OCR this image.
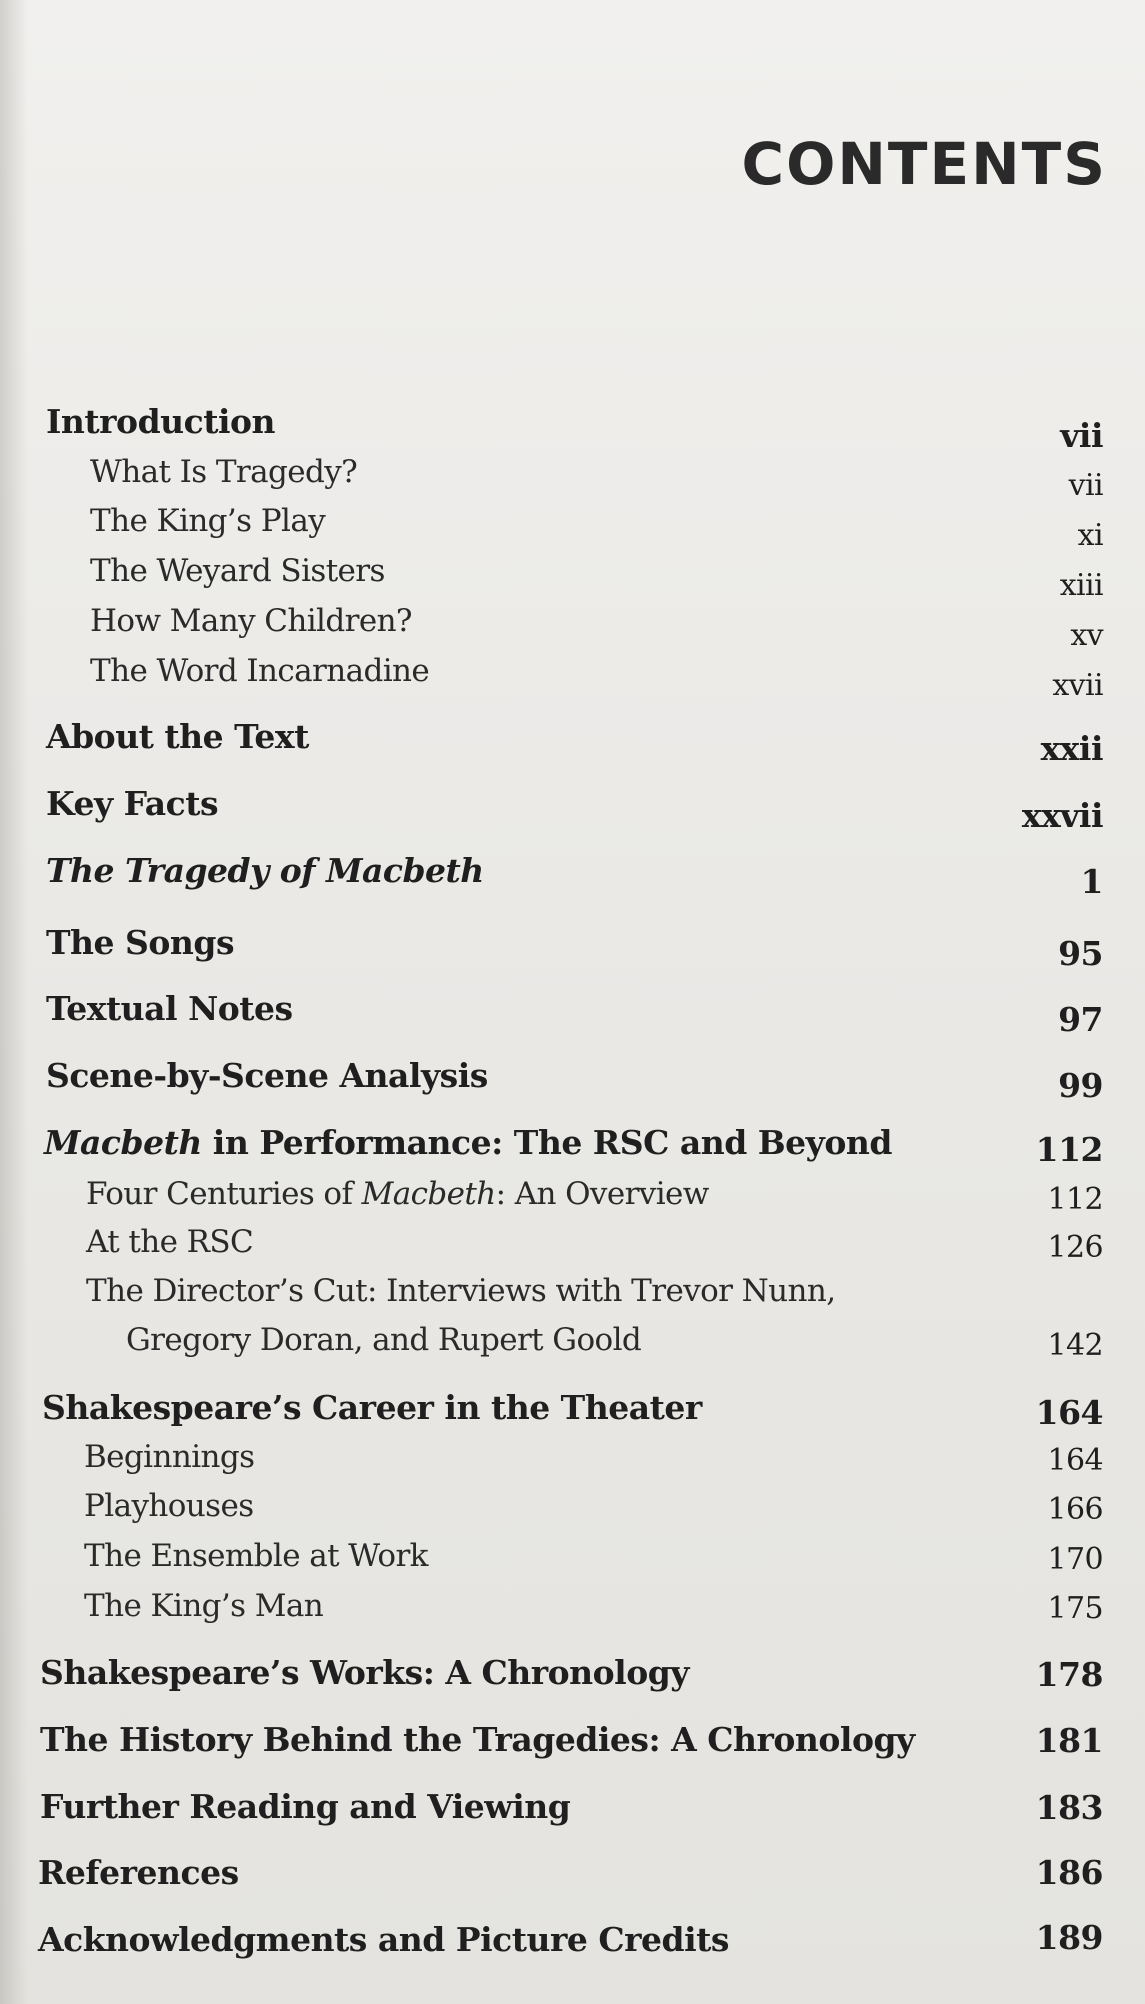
CONTENTS
Introduction	vii
What Is Tragedy?	vii
The King’s Play	xi
The Weyard Sisters	xiii
How Many Children?	xv
The Word Incarnadine	xvii
About the Text	xxii
Key Facts	xxvii
The Tragedy of Macbeth	1
The Songs	95
Textual Notes	97
Scene-by-Scene Analysis	99
Macbeth in Performance: The RSC and Beyond	112
Four Centuries of Macbeth: An Overview	112
At the RSC	126
The Director’s Cut: Interviews with Trevor Nunn,
Gregory Doran, and Rupert Goold	142
Shakespeare’s Career in the Theater	164
Beginnings	164
Playhouses	166
The Ensemble at Work	170
The King’s Man	175
Shakespeare’s Works: A Chronology	178
The History Behind the Tragedies: A Chronology	181
Further Reading and Viewing	183
References	186
Acknowledgments and Picture Credits	189
